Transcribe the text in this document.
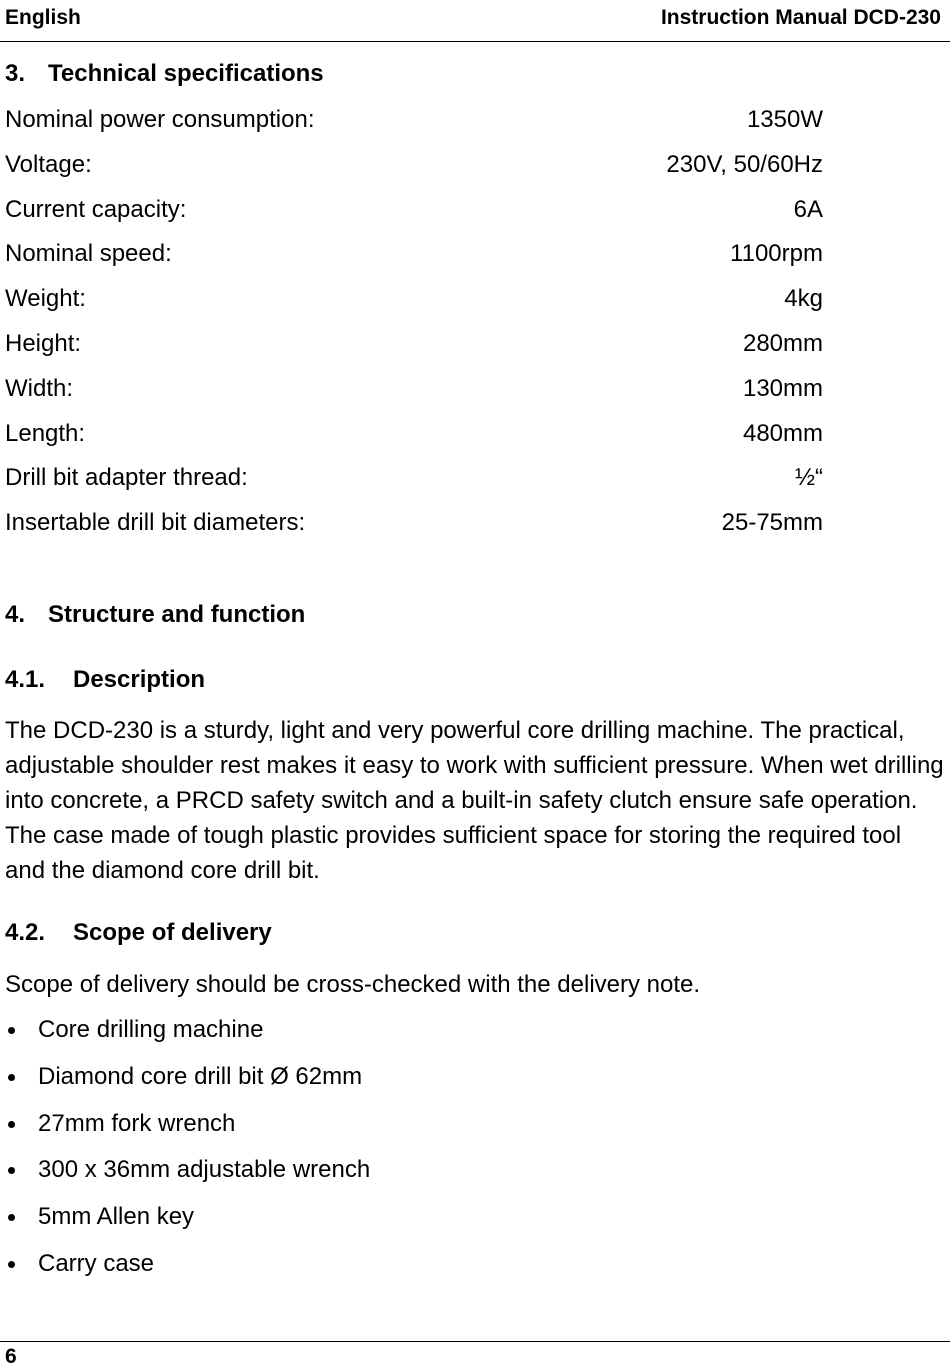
English	Instruction Manual DCD-230
3. Technical specifications
Nominal power consumption:	1350W
Voltage:	230V, 50/60Hz
Current capacity:	6A
Nominal speed:	1100rpm
Weight:	4kg
Height:	280mm
Width:	130mm
Length:	480mm
Drill bit adapter thread:	½“
Insertable drill bit diameters:	25-75mm
4. Structure and function
4.1. Description

The DCD-230 is a sturdy, light and very powerful core drilling machine. The practical, adjustable shoulder rest makes it easy to work with sufficient pressure. When wet drilling into concrete, a PRCD safety switch and a built-in safety clutch ensure safe operation. The case made of tough plastic provides sufficient space for storing the required tool and the diamond core drill bit.

4.2. Scope of delivery

Scope of delivery should be cross-checked with the delivery note.

Core drilling machine
Diamond core drill bit Ø 62mm
27mm fork wrench
300 x 36mm adjustable wrench
5mm Allen key
Carry case
6
